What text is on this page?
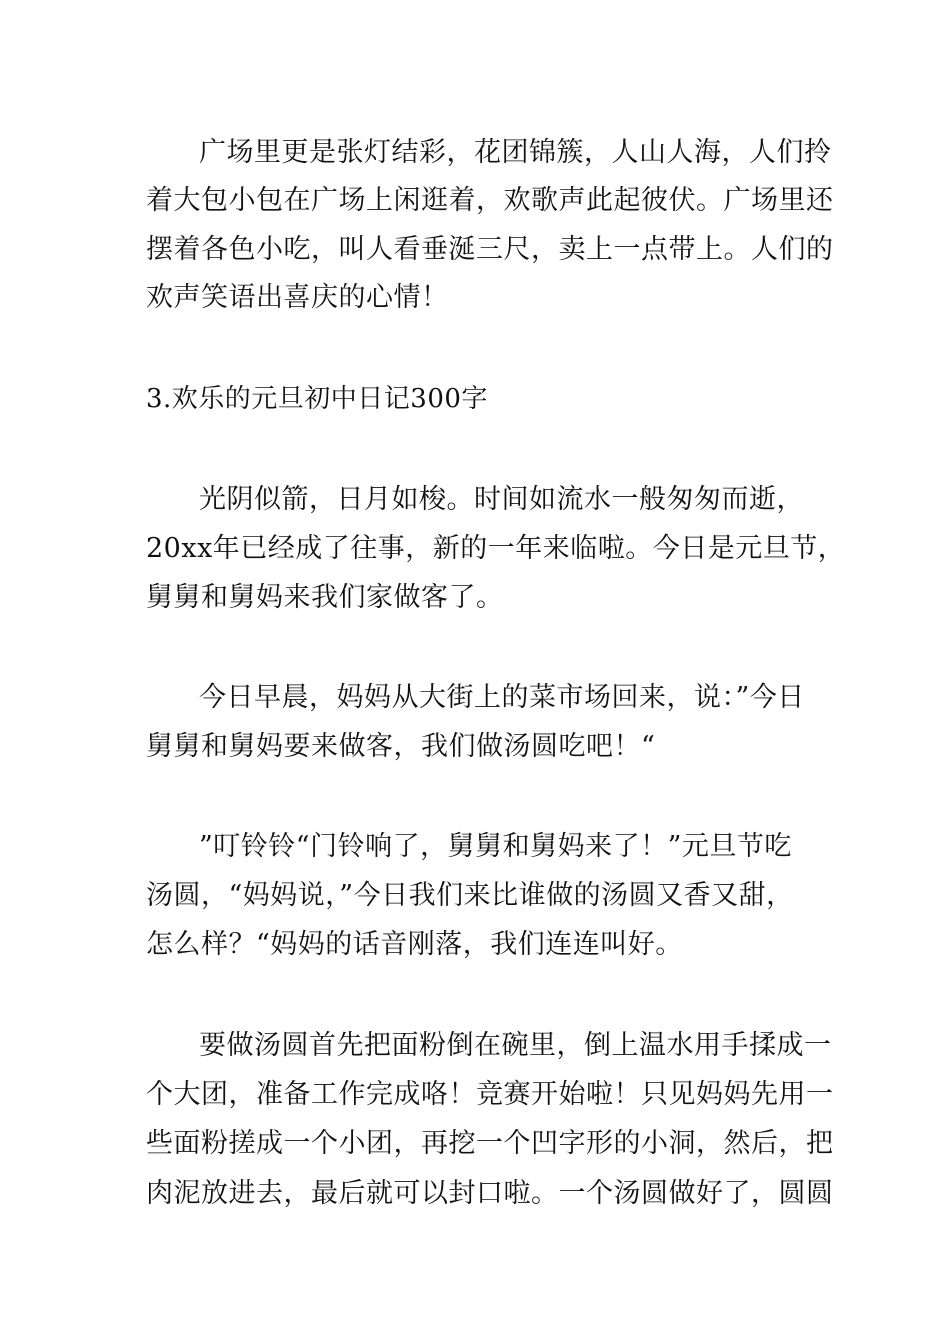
广场里更是张灯结彩，花团锦簇，人山人海，人们拎
着大包小包在广场上闲逛着，欢歌声此起彼伏。广场里还
摆着各色小吃，叫人看垂涎三尺，卖上一点带上。人们的
欢声笑语出喜庆的心情！
3.欢乐的元旦初中日记300字
光阴似箭，日月如梭。时间如流水一般匆匆而逝，
20xx年已经成了往事，新的一年来临啦。今日是元旦节，
舅舅和舅妈来我们家做客了。
今日早晨，妈妈从大街上的菜市场回来，说：”今日
舅舅和舅妈要来做客，我们做汤圆吃吧！“
”叮铃铃“门铃响了，舅舅和舅妈来了！”元旦节吃
汤圆，“妈妈说，”今日我们来比谁做的汤圆又香又甜，
怎么样？“妈妈的话音刚落，我们连连叫好。
要做汤圆首先把面粉倒在碗里，倒上温水用手揉成一
个大团，准备工作完成咯！竞赛开始啦！只见妈妈先用一
些面粉搓成一个小团，再挖一个凹字形的小洞，然后，把
肉泥放进去，最后就可以封口啦。一个汤圆做好了，圆圆
